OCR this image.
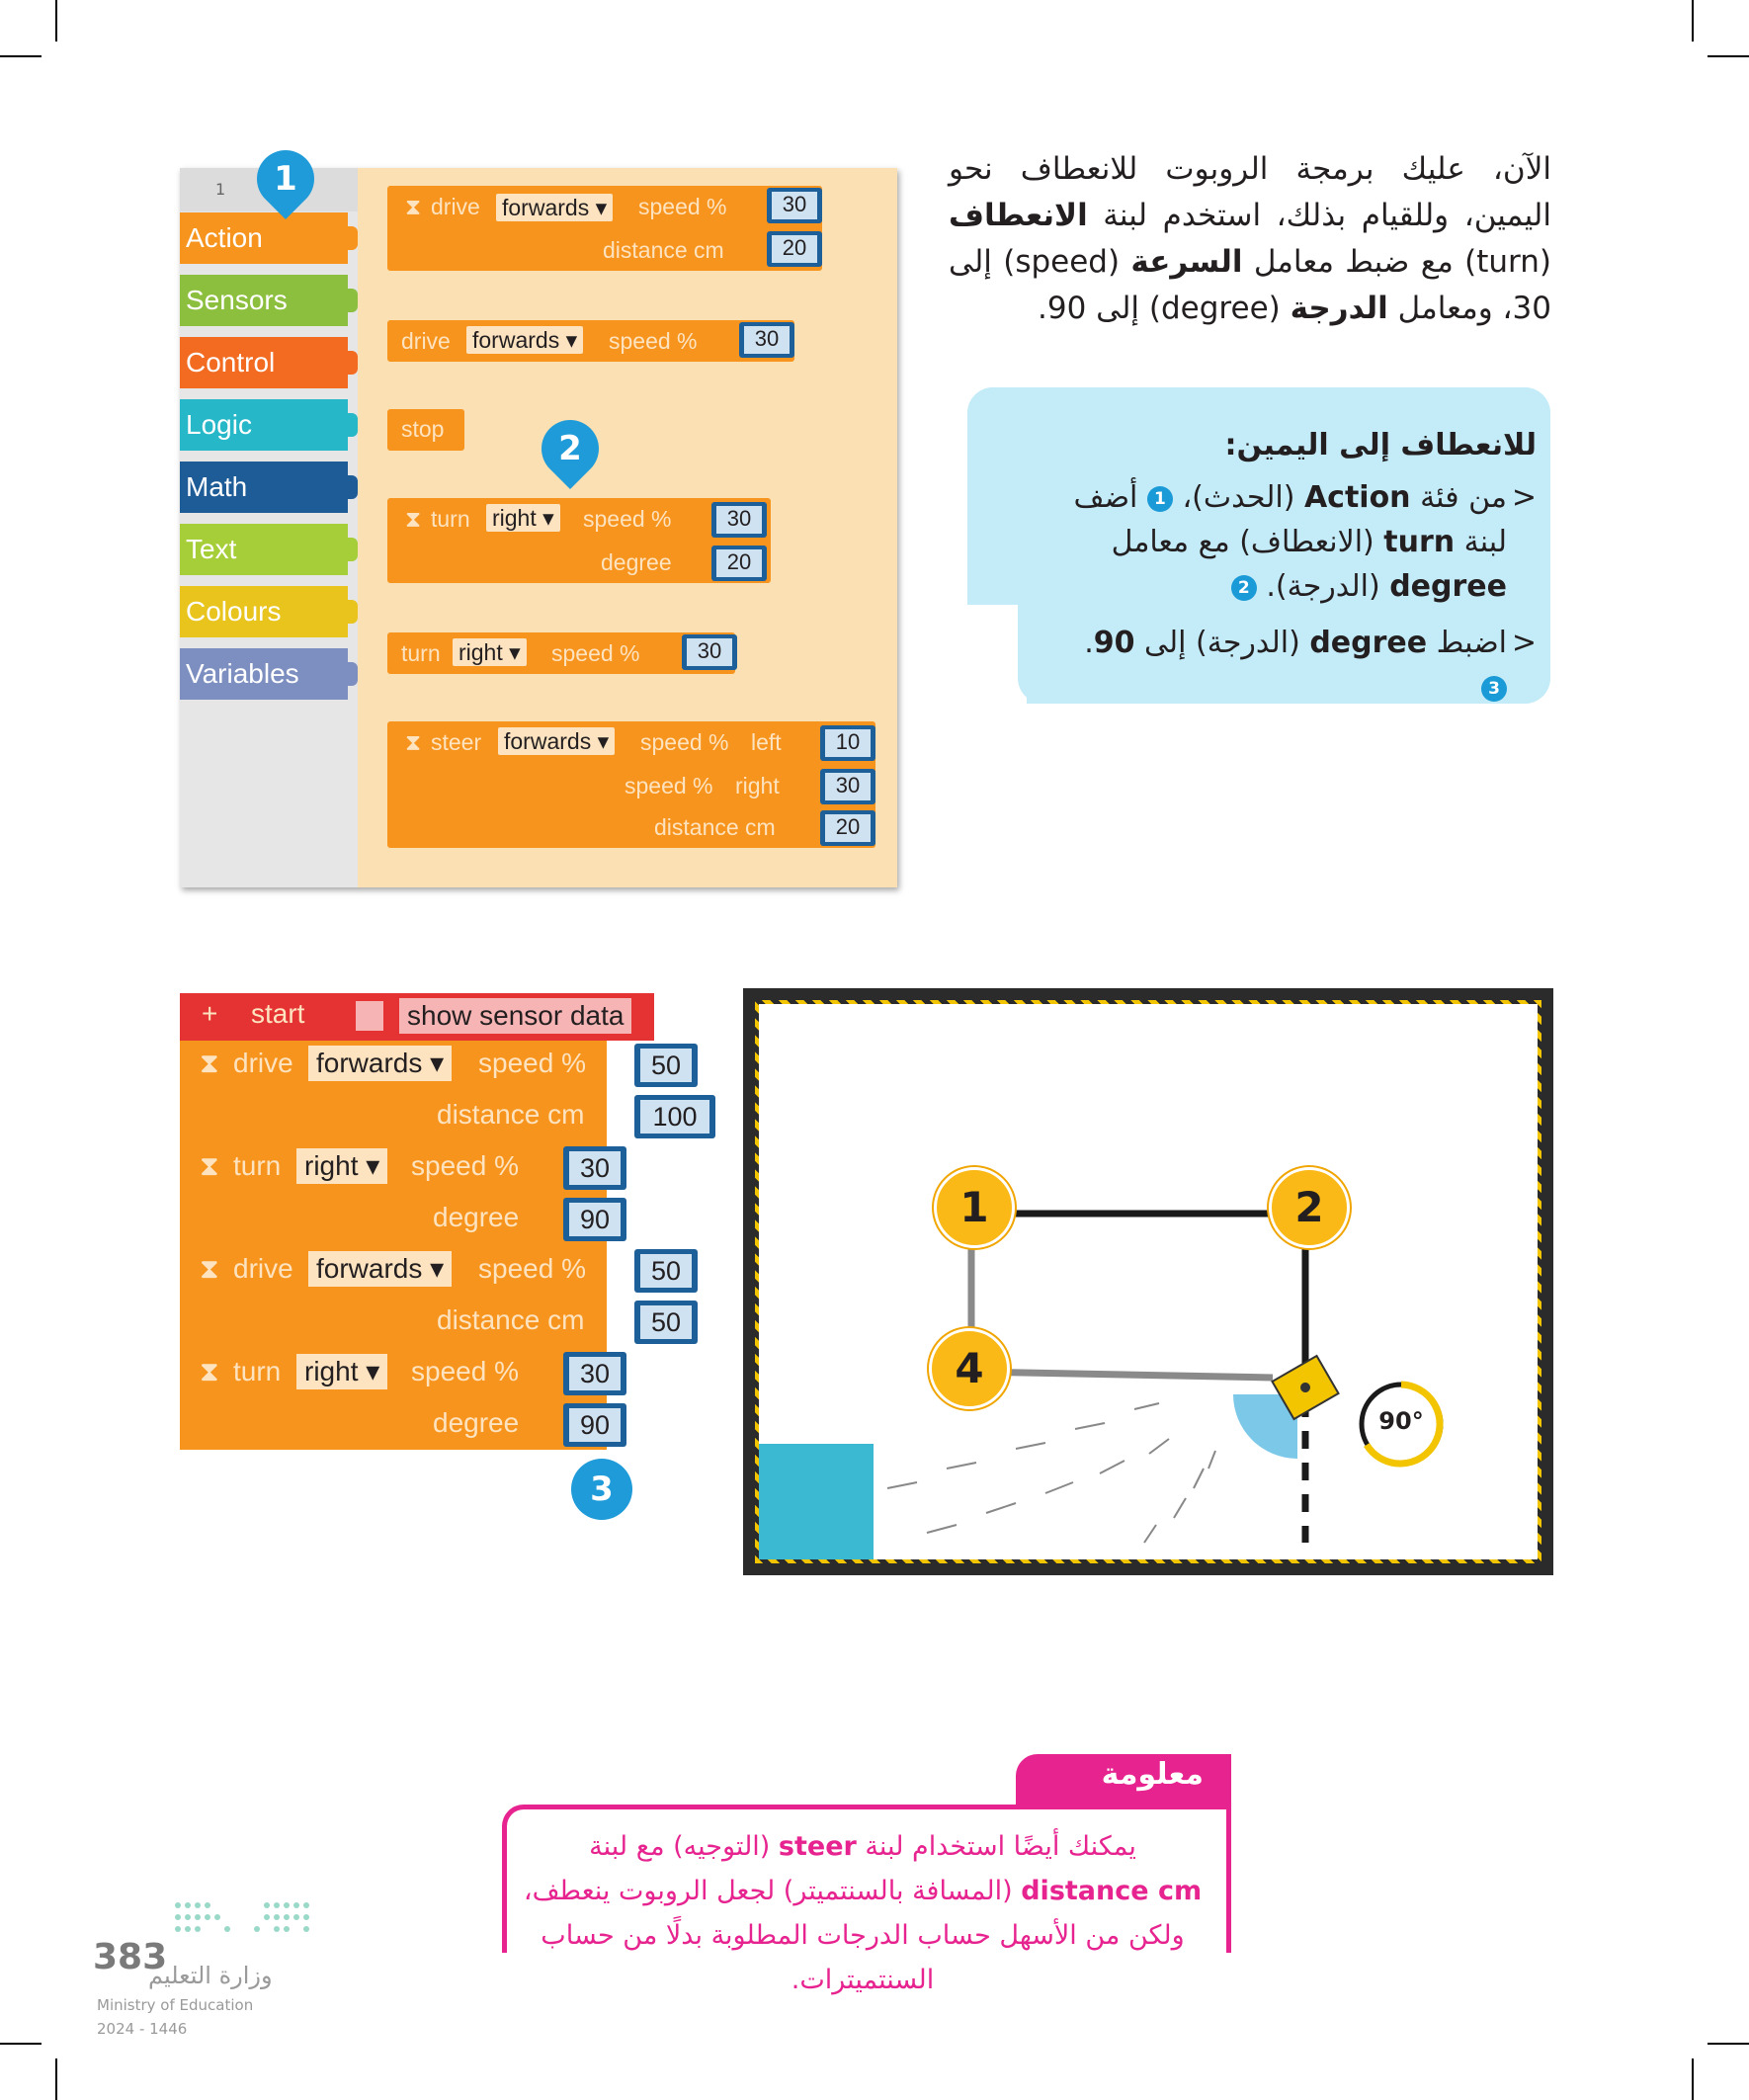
الآن، عليك برمجة الروبوت للانعطاف نحو اليمين، وللقيام بذلك، استخدم لبنة الانعطاف (turn) مع ضبط معامل السرعة (speed) إلى 30، ومعامل الدرجة (degree) إلى 90.
للانعطاف إلى اليمين:
< من فئة Action (الحدث)، 1 أضف لبنة turn (الانعطاف) مع معامل degree (الدرجة). 2
< اضبط degree (الدرجة) إلى 90. 3
1
Action
Sensors
Control
Logic
Math
Text
Colours
Variables
⧗ drive forwards ▾ speed %	30
distance cm	20
drive forwards ▾ speed %	30
stop
⧗ turn right ▾ speed %	30
degree	20
turn right ▾ speed %	30
⧗ steer forwards ▾ speed % left	10
speed % right	30
distance cm	20
1
2
+ start	show sensor data
⧗ drive forwards ▾ speed %	50
distance cm	100
⧗ turn right ▾ speed %	30
degree	90
⧗ drive forwards ▾ speed %	50
distance cm	50
⧗ turn right ▾ speed %	30
degree	90
3
90°
1	2
4
معلومة
يمكنك أيضًا استخدام لبنة steer (التوجيه) مع لبنة distance cm (المسافة بالسنتميتر) لجعل الروبوت ينعطف، ولكن من الأسهل حساب الدرجات المطلوبة بدلًا من حساب السنتميترات.
383
وزارة التعليم
Ministry of Education
2024 - 1446
